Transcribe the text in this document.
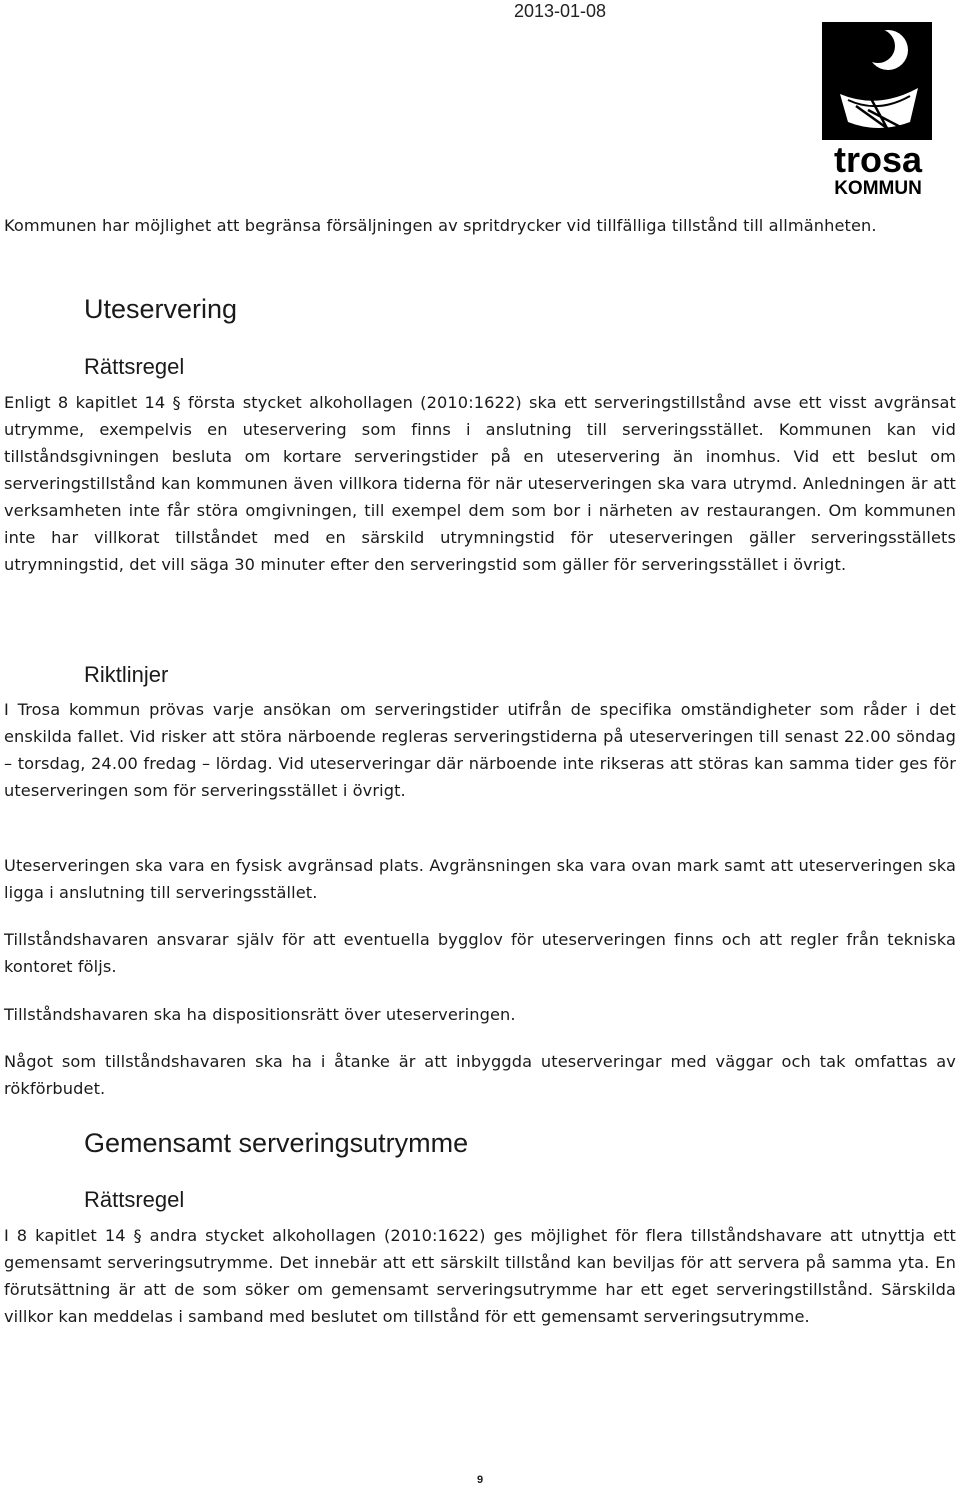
2013-01-08
trosa
KOMMUN
Kommunen har möjlighet att begränsa försäljningen av spritdrycker vid tillfälliga tillstånd till allmänheten.
Uteservering
Rättsregel
Enligt 8 kapitlet 14 § första stycket alkohollagen (2010:1622) ska ett serveringstillstånd avse ett visst avgränsat utrymme, exempelvis en uteservering som finns i anslutning till serveringsstället. Kommunen kan vid tillståndsgivningen besluta om kortare serveringstider på en uteservering än inomhus. Vid ett beslut om serveringstillstånd kan kommunen även villkora tiderna för när uteserveringen ska vara utrymd. Anledningen är att verksamheten inte får störa omgivningen, till exempel dem som bor i närheten av restaurangen. Om kommunen inte har villkorat tillståndet med en särskild utrymningstid för uteserveringen gäller serveringsställets utrymningstid, det vill säga 30 minuter efter den serveringstid som gäller för serveringsstället i övrigt.
Riktlinjer
I Trosa kommun prövas varje ansökan om serveringstider utifrån de specifika omständigheter som råder i det enskilda fallet. Vid risker att störa närboende regleras serveringstiderna på uteserveringen till senast 22.00 söndag – torsdag, 24.00 fredag – lördag. Vid uteserveringar där närboende inte rikseras att störas kan samma tider ges för uteserveringen som för serveringsstället i övrigt.
Uteserveringen ska vara en fysisk avgränsad plats. Avgränsningen ska vara ovan mark samt att uteserveringen ska ligga i anslutning till serveringsstället.
Tillståndshavaren ansvarar själv för att eventuella bygglov för uteserveringen finns och att regler från tekniska kontoret följs.
Tillståndshavaren ska ha dispositionsrätt över uteserveringen.
Något som tillståndshavaren ska ha i åtanke är att inbyggda uteserveringar med väggar och tak omfattas av rökförbudet.
Gemensamt serveringsutrymme
Rättsregel
I 8 kapitlet 14 § andra stycket alkohollagen (2010:1622) ges möjlighet för flera tillståndshavare att utnyttja ett gemensamt serveringsutrymme. Det innebär att ett särskilt tillstånd kan beviljas för att servera på samma yta. En förutsättning är att de som söker om gemensamt serveringsutrymme har ett eget serveringstillstånd. Särskilda villkor kan meddelas i samband med beslutet om tillstånd för ett gemensamt serveringsutrymme.
9
